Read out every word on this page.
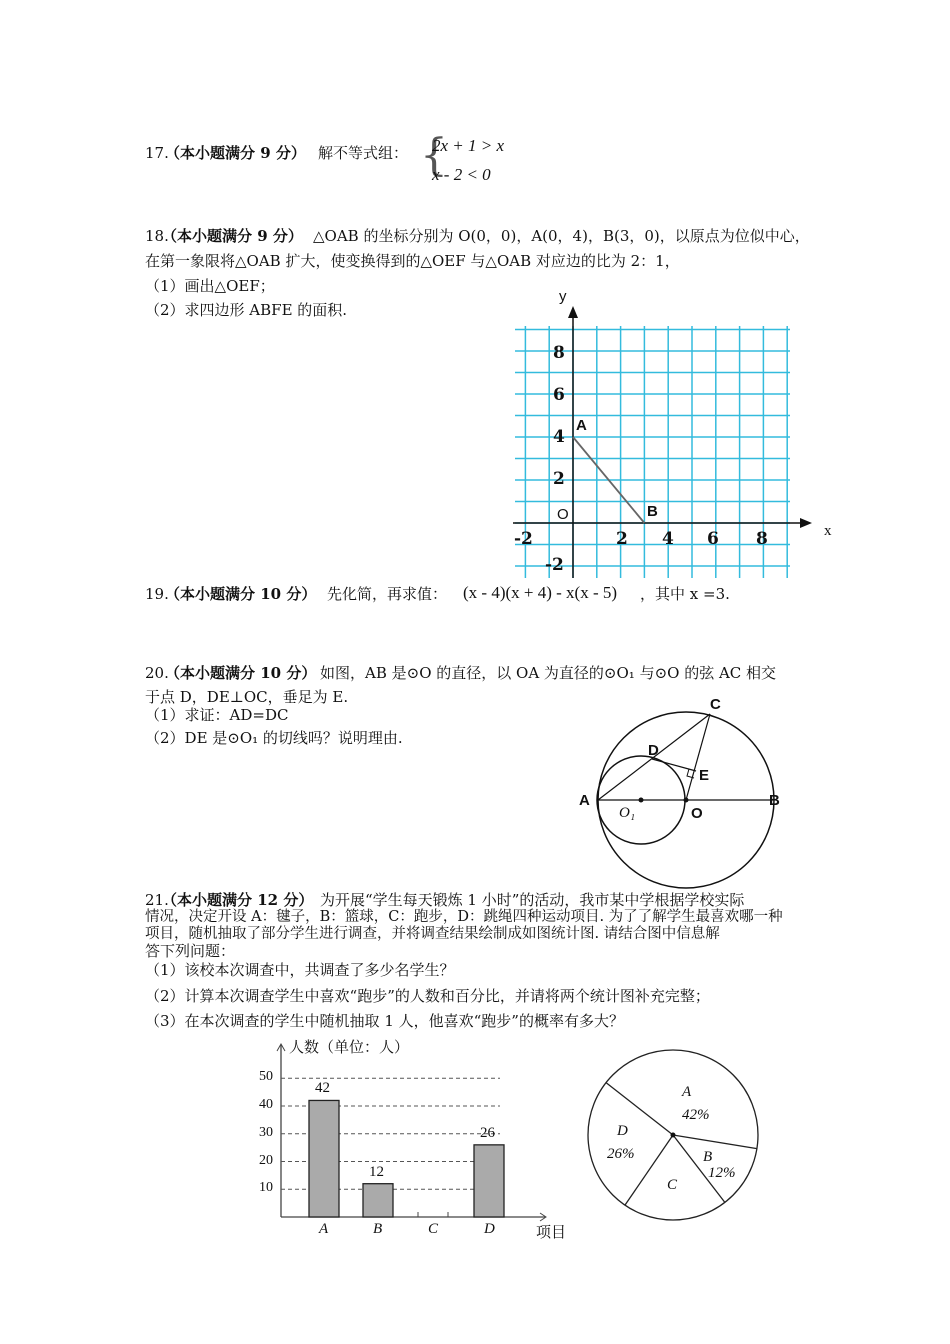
17.
（本小题满分 9 分） 解不等式组： {
2x + 1 > x
x - 2 < 0
18.
（本小题满分 9 分） △OAB 的坐标分别为 O(0，0)，A(0，4)，B(3，0)，以原点为位似中心，
在第一象限将△OAB 扩大，使变换得到的△OEF 与△OAB 对应边的比为 2：1，
（1）画出△OEF；
（2）求四边形 ABFE 的面积.
y
x
O
A
B
-2	2 4 6 8
8
6
4
2
-2
19.
（本小题满分 10 分） 先化简，再求值： (x - 4)(x + 4) - x(x - 5) ，其中 x =3.
20.
（本小题满分 10 分） 如图，AB 是⊙O 的直径，以 OA 为直径的⊙O₁ 与⊙O 的弦 AC 相交
于点 D，DE⊥OC，垂足为 E.
（1）求证：AD=DC
（2）DE 是⊙O₁ 的切线吗？说明理由.
A	B
C
D
E
O
O₁
21.
（本小题满分 12 分） 为开展“学生每天锻炼 1 小时”的活动，我市某中学根据学校实际
情况，决定开设 A：毽子，B：篮球，C：跑步，D：跳绳四种运动项目. 为了了解学生最喜欢哪一种
项目，随机抽取了部分学生进行调查，并将调查结果绘制成如图统计图. 请结合图中信息解
答下列问题：
（1）该校本次调查中，共调查了多少名学生？
（2）计算本次调查学生中喜欢“跑步”的人数和百分比，并请将两个统计图补充完整；
（3）在本次调查的学生中随机抽取 1 人，他喜欢“跑步”的概率有多大？
人数（单位：人）
项目
10
20
30
40
50
42
A
12
B	C
26
D
A
42%
B
12%
C
D
26%
